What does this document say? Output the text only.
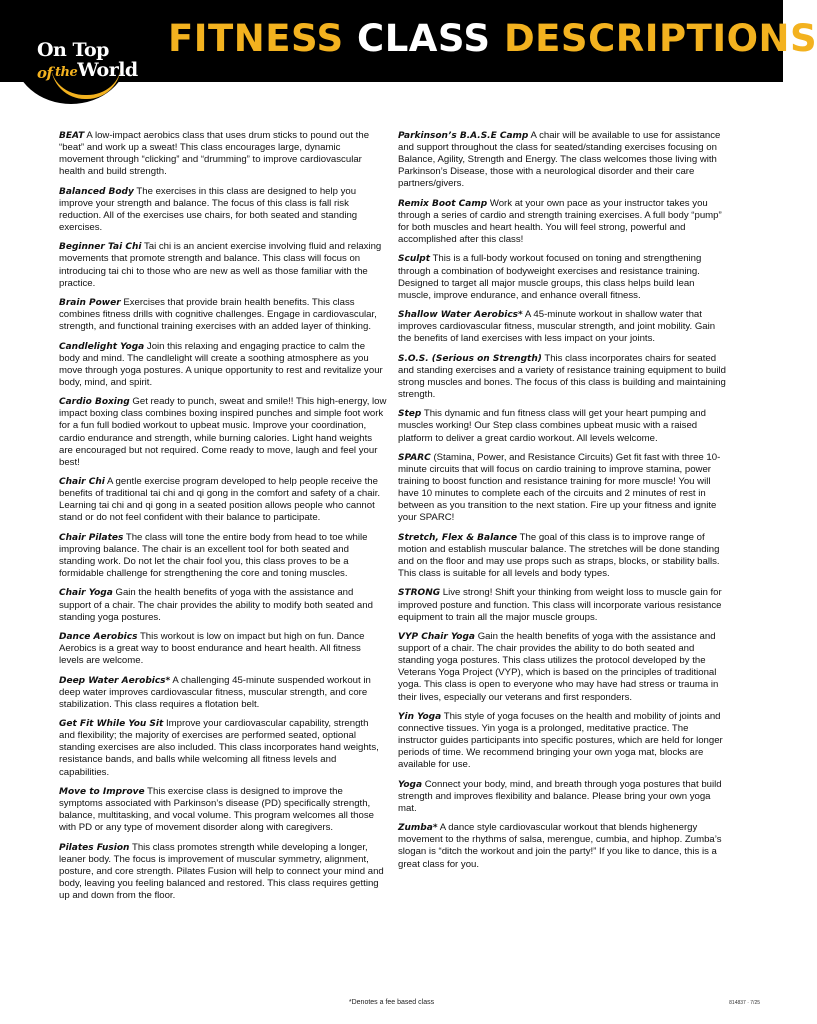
On Top of theWorld
FITNESS CLASS DESCRIPTIONS

BEAT A low-impact aerobics class that uses drum sticks to pound out the “beat” and work up a sweat! This class encourages large, dynamic movement through “clicking” and “drumming” to improve cardiovascular health and build strength.

Balanced Body The exercises in this class are designed to help you improve your strength and balance. The focus of this class is fall risk reduction. All of the exercises use chairs, for both seated and standing exercises.

Beginner Tai Chi Tai chi is an ancient exercise involving fluid and relaxing movements that promote strength and balance. This class will focus on introducing tai chi to those who are new as well as those familiar with the practice.

Brain Power Exercises that provide brain health benefits. This class combines fitness drills with cognitive challenges. Engage in cardiovascular, strength, and functional training exercises with an added layer of thinking.

Candlelight Yoga Join this relaxing and engaging practice to calm the body and mind. The candlelight will create a soothing atmosphere as you move through yoga postures. A unique opportunity to rest and revitalize your body, mind, and spirit.

Cardio Boxing Get ready to punch, sweat and smile!! This high-energy, low impact boxing class combines boxing inspired punches and simple foot work for a fun full bodied workout to upbeat music. Improve your coordination, cardio endurance and strength, while burning calories. Light hand weights are encouraged but not required. Come ready to move, laugh and feel your best!

Chair Chi A gentle exercise program developed to help people receive the benefits of traditional tai chi and qi gong in the comfort and safety of a chair. Learning tai chi and qi gong in a seated position allows people who cannot stand or do not feel confident with their balance to participate.

Chair Pilates The class will tone the entire body from head to toe while improving balance. The chair is an excellent tool for both seated and standing work. Do not let the chair fool you, this class proves to be a formidable challenge for strengthening the core and toning muscles.

Chair Yoga Gain the health benefits of yoga with the assistance and support of a chair. The chair provides the ability to modify both seated and standing yoga postures.

Dance Aerobics This workout is low on impact but high on fun. Dance Aerobics is a great way to boost endurance and heart health. All fitness levels are welcome.

Deep Water Aerobics* A challenging 45-minute suspended workout in deep water improves cardiovascular fitness, muscular strength, and core stabilization. This class requires a flotation belt.

Get Fit While You Sit Improve your cardiovascular capability, strength and flexibility; the majority of exercises are performed seated, optional standing exercises are also included. This class incorporates hand weights, resistance bands, and balls while welcoming all fitness levels and capabilities.

Move to Improve This exercise class is designed to improve the symptoms associated with Parkinson’s disease (PD) specifically strength, balance, multitasking, and vocal volume. This program welcomes all those with PD or any type of movement disorder along with caregivers.

Pilates Fusion This class promotes strength while developing a longer, leaner body. The focus is improvement of muscular symmetry, alignment, posture, and core strength. Pilates Fusion will help to connect your mind and body, leaving you feeling balanced and restored. This class requires getting up and down from the floor.

Parkinson’s B.A.S.E Camp A chair will be available to use for assistance and support throughout the class for seated/standing exercises focusing on Balance, Agility, Strength and Energy. The class welcomes those living with Parkinson’s Disease, those with a neurological disorder and their care partners/givers.

Remix Boot Camp Work at your own pace as your instructor takes you through a series of cardio and strength training exercises. A full body “pump” for both muscles and heart health. You will feel strong, powerful and accomplished after this class!

Sculpt This is a full-body workout focused on toning and strengthening through a combination of bodyweight exercises and resistance training. Designed to target all major muscle groups, this class helps build lean muscle, improve endurance, and enhance overall fitness.

Shallow Water Aerobics* A 45-minute workout in shallow water that improves cardiovascular fitness, muscular strength, and joint mobility. Gain the benefits of land exercises with less impact on your joints.

S.O.S. (Serious on Strength) This class incorporates chairs for seated and standing exercises and a variety of resistance training equipment to build strong muscles and bones. The focus of this class is building and maintaining strength.

Step This dynamic and fun fitness class will get your heart pumping and muscles working! Our Step class combines upbeat music with a raised platform to deliver a great cardio workout. All levels welcome.

SPARC (Stamina, Power, and Resistance Circuits) Get fit fast with three 10-minute circuits that will focus on cardio training to improve stamina, power training to boost function and resistance training for more muscle! You will have 10 minutes to complete each of the circuits and 2 minutes of rest in between as you transition to the next station. Fire up your fitness and ignite your SPARC!

Stretch, Flex & Balance The goal of this class is to improve range of motion and establish muscular balance. The stretches will be done standing and on the floor and may use props such as straps, blocks, or stability balls. This class is suitable for all levels and body types.

STRONG Live strong! Shift your thinking from weight loss to muscle gain for improved posture and function. This class will incorporate various resistance equipment to train all the major muscle groups.

VYP Chair Yoga Gain the health benefits of yoga with the assistance and support of a chair. The chair provides the ability to do both seated and standing yoga postures. This class utilizes the protocol developed by the Veterans Yoga Project (VYP), which is based on the principles of traditional yoga. This class is open to everyone who may have had stress or trauma in their lives, especially our veterans and first responders.

Yin Yoga This style of yoga focuses on the health and mobility of joints and connective tissues. Yin yoga is a prolonged, meditative practice. The instructor guides participants into specific postures, which are held for longer periods of time. We recommend bringing your own yoga mat, blocks are available for use.

Yoga Connect your body, mind, and breath through yoga postures that build strength and improves flexibility and balance. Please bring your own yoga mat.

Zumba* A dance style cardiovascular workout that blends highenergy movement to the rhythms of salsa, merengue, cumbia, and hiphop. Zumba’s slogan is “ditch the workout and join the party!” If you like to dance, this is a great class for you.

*Denotes a fee based class	814837 · 7/25
